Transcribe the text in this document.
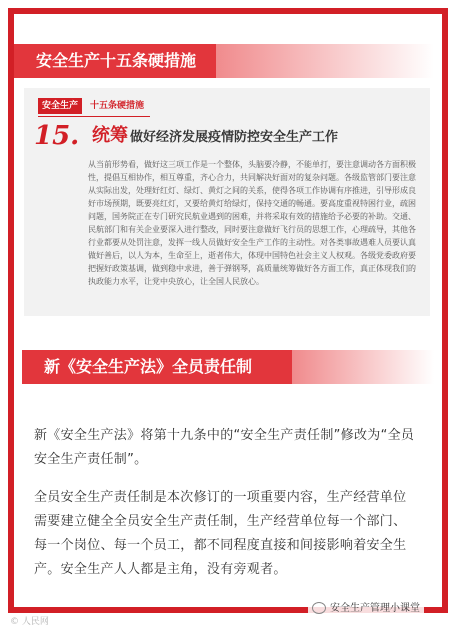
安全生产十五条硬措施
安全生产	十五条硬措施
15. 统筹 做好经济发展疫情防控安全生产工作

从当前形势看，做好这三项工作是一个整体，头脑要冷静，不能单打，要注意调动各方面积极性，提倡互相协作，相互尊重，齐心合力，共同解决好面对的复杂问题。各级监管部门要注意从实际出发，处理好红灯、绿灯、黄灯之间的关系，使得各项工作协调有序推进，引导形成良好市场预期，既要亮红灯，又要给黄灯给绿灯，保持交通的畅通。要高度重视特困行业，疏困问题，国务院正在专门研究民航业遇到的困难，并将采取有效的措施给予必要的补助。交通、民航部门和有关企业要深入进行整改，同时要注意做好飞行员的思想工作，心理疏导，其他各行业都要从处罚注意，发挥一线人员做好安全生产工作的主动性。对各类事故遇难人员要认真做好善后，以人为本，生命至上，逝者伟大，体现中国特色社会主义人权观。各级党委政府要把握好政策基调，做到稳中求进，善于弹钢琴，高质量统筹做好各方面工作，真正体现我们的执政能力水平，让党中央放心，让全国人民放心。

新《安全生产法》全员责任制

新《安全生产法》将第十九条中的“安全生产责任制”修改为“全员安全生产责任制”。

全员安全生产责任制是本次修订的一项重要内容，生产经营单位需要建立健全全员安全生产责任制，生产经营单位每一个部门、每一个岗位、每一个员工，都不同程度直接和间接影响着安全生产。安全生产人人都是主角，没有旁观者。

© 人民网
安全生产管理小课堂
